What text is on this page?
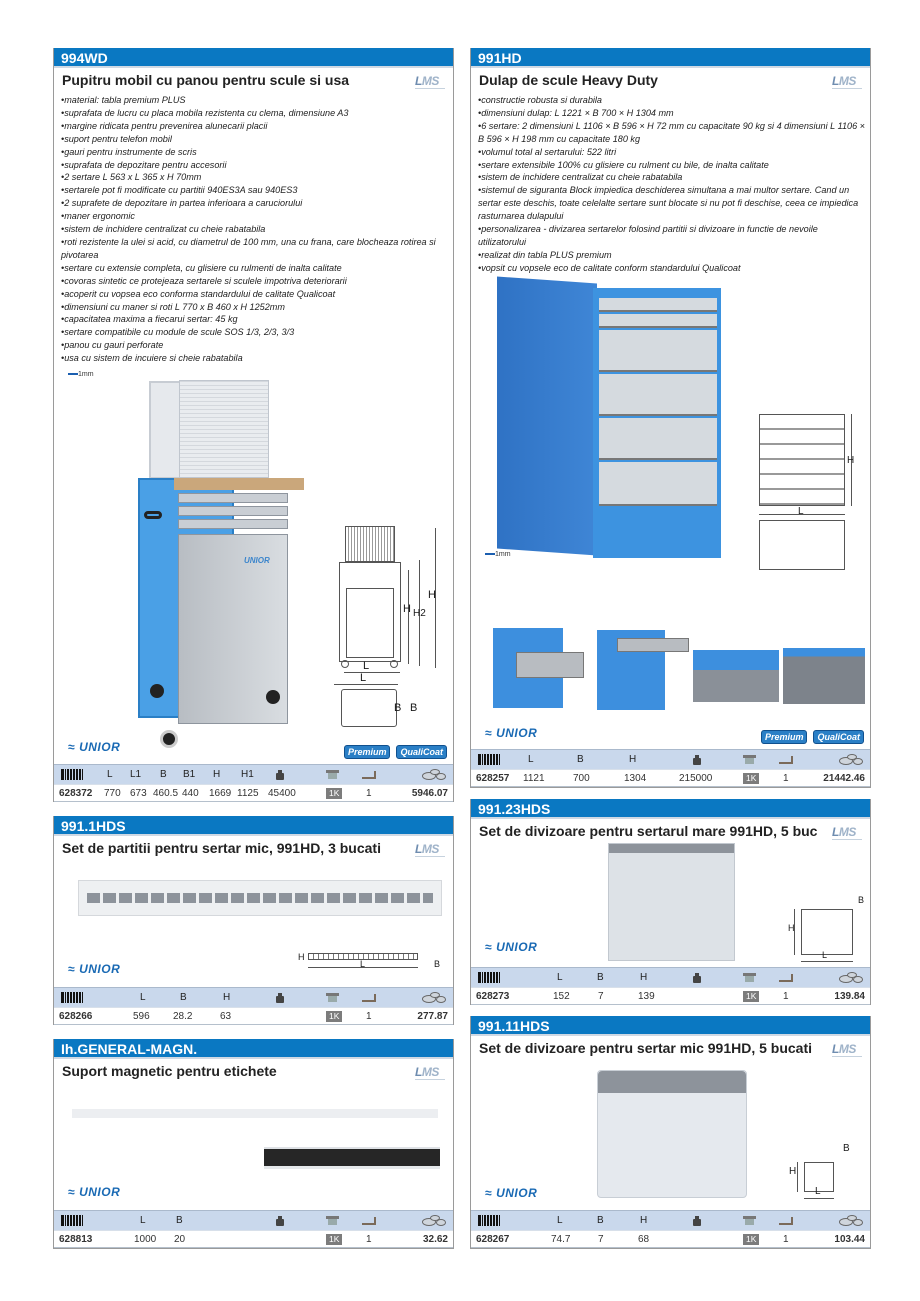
994WD
Pupitru mobil cu panou pentru scule si usa	LMS
• material: tabla premium PLUS
• suprafata de lucru cu placa mobila rezistenta cu clema, dimensiune A3
• margine ridicata pentru prevenirea alunecarii placii
• suport pentru telefon mobil
• gauri pentru instrumente de scris
• suprafata de depozitare pentru accesorii
• 2 sertare L 563 x L 365 x H 70mm
• sertarele pot fi modificate cu partitii 940ES3A sau 940ES3
• 2 suprafete de depozitare in partea inferioara a caruciorului
• maner ergonomic
• sistem de inchidere centralizat cu cheie rabatabila
• roti rezistente la ulei si acid, cu diametrul de 100 mm, una cu frana, care blocheaza rotirea si pivotarea
• sertare cu extensie completa, cu glisiere cu rulmenti de inalta calitate
• covoras sintetic ce protejeaza sertarele si sculele impotriva deteriorarii
• acoperit cu vopsea eco conforma standardului de calitate Qualicoat
• dimensiuni cu maner si roti L 770 x B 460 x H 1252mm
• capacitatea maxima a fiecarui sertar: 45 kg
• sertare compatibile cu module de scule SOS 1/3, 2/3, 3/3
• panou cu gauri perforate
• usa cu sistem de incuiere si cheie rabatabila
1mm
UNIOR
H H2
H
L
L
B B
≈ UNIOR	Premium	QualiCoat
L L1 B B1 H H1
628372 770 673 460.5 440 1669 1125 45400	1K	1	5946.07
991HD
Dulap de scule Heavy Duty	LMS
• constructie robusta si durabila
• dimensiuni dulap: L 1221 × B 700 × H 1304 mm
• 6 sertare: 2 dimensiuni L 1106 × B 596 × H 72 mm cu capacitate 90 kg si 4 dimensiuni L 1106 × B 596 × H 198 mm cu capacitate 180 kg
• volumul total al sertarului: 522 litri
• sertare extensibile 100% cu glisiere cu rulment cu bile, de inalta calitate
• sistem de inchidere centralizat cu cheie rabatabila
• sistemul de siguranta Block impiedica deschiderea simultana a mai multor sertare. Cand un sertar este deschis, toate celelalte sertare sunt blocate si nu pot fi deschise, ceea ce impiedica rasturnarea dulapului
• personalizarea - divizarea sertarelor folosind partitii si divizoare in functie de nevoile utilizatorului
• realizat din tabla PLUS premium
• vopsit cu vopsele eco de calitate conform standardului Qualicoat
1mm
H
L
≈ UNIOR	Premium	QualiCoat
L	B	H
628257 1121	700	1304	215000	1K	1	21442.46
991.1HDS
Set de partitii pentru sertar mic, 991HD, 3 bucati	LMS
H
L	B
≈ UNIOR
L	B	H
628266	596 28.2	63	1K	1	277.87
991.23HDS
Set de divizoare pentru sertarul mare 991HD, 5 buc LMS
H
L
B
≈ UNIOR
L	B	H
628273	152	7	139	1K	1	139.84
Ih.GENERAL-MAGN.
Suport magnetic pentru etichete	LMS
≈ UNIOR
L	B
628813	1000 20	1K	1	32.62
991.11HDS
Set de divizoare pentru sertar mic 991HD, 5 bucati LMS
H
L
B
≈ UNIOR
L	B	H
628267	74.7	7	68	1K	1	103.44
